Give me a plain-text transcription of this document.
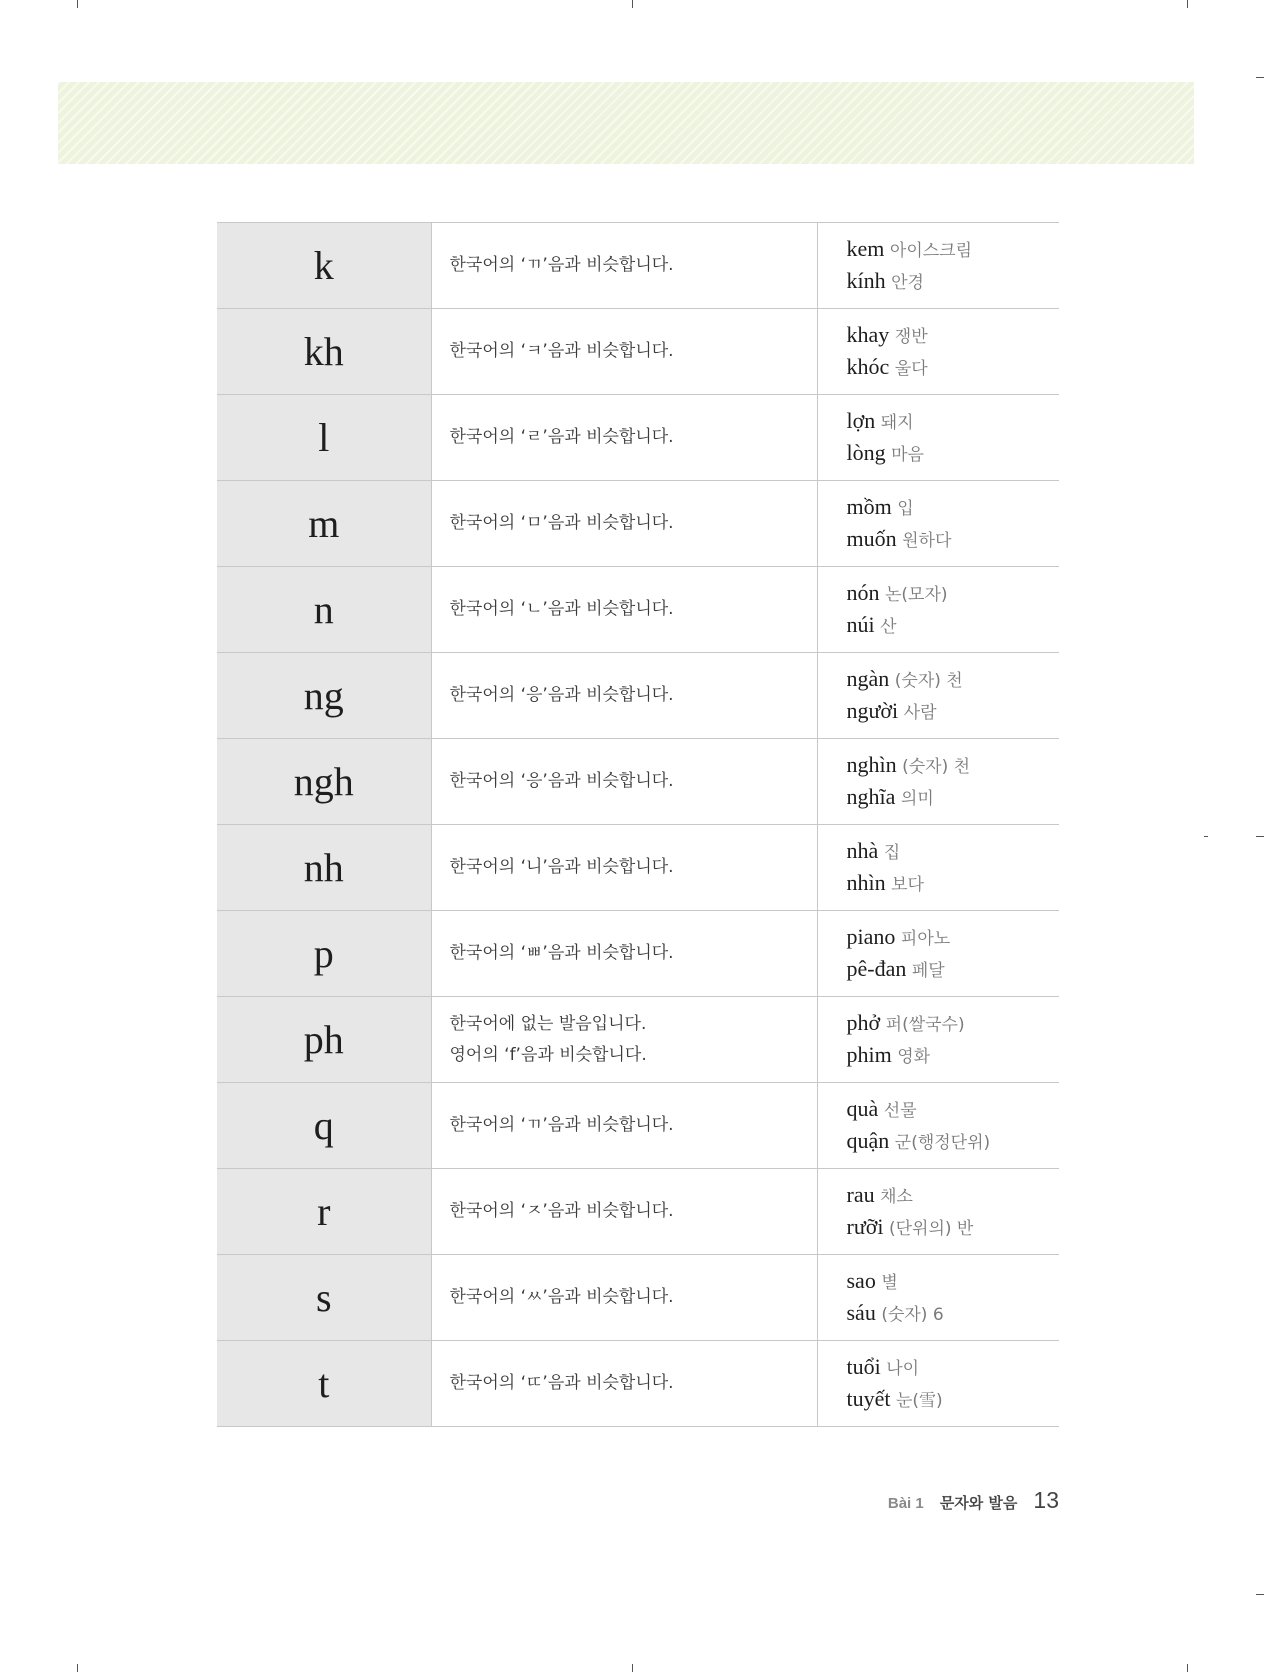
k	한국어의 ‘ㄲ’음과 비슷합니다.	kem 아이스크림
kính 안경

kh	한국어의 ‘ㅋ’음과 비슷합니다.	khay 쟁반
khóc 울다

l	한국어의 ‘ㄹ’음과 비슷합니다.	lợn 돼지
lòng 마음

m	한국어의 ‘ㅁ’음과 비슷합니다.	mồm 입
muốn 원하다

n	한국어의 ‘ㄴ’음과 비슷합니다.	nón 논(모자)
núi 산

ng	한국어의 ‘응’음과 비슷합니다.	ngàn (숫자) 천
người 사람

ngh	한국어의 ‘응’음과 비슷합니다.	nghìn (숫자) 천
nghĩa 의미

nh	한국어의 ‘니’음과 비슷합니다.	nhà 집
nhìn 보다

p	한국어의 ‘ㅃ’음과 비슷합니다.	piano 피아노
pê-đan 페달

ph	한국어에 없는 발음입니다.
영어의 ‘f’음과 비슷합니다.	phở 퍼(쌀국수)
phim 영화

q	한국어의 ‘ㄲ’음과 비슷합니다.	quà 선물
quận 군(행정단위)

r	한국어의 ‘ㅈ’음과 비슷합니다.	rau 채소
rưỡi (단위의) 반

s	한국어의 ‘ㅆ’음과 비슷합니다.	sao 별
sáu (숫자) 6

t	한국어의 ‘ㄸ’음과 비슷합니다.	tuổi 나이
tuyết 눈(雪)
Bài 1 문자와 발음 13
